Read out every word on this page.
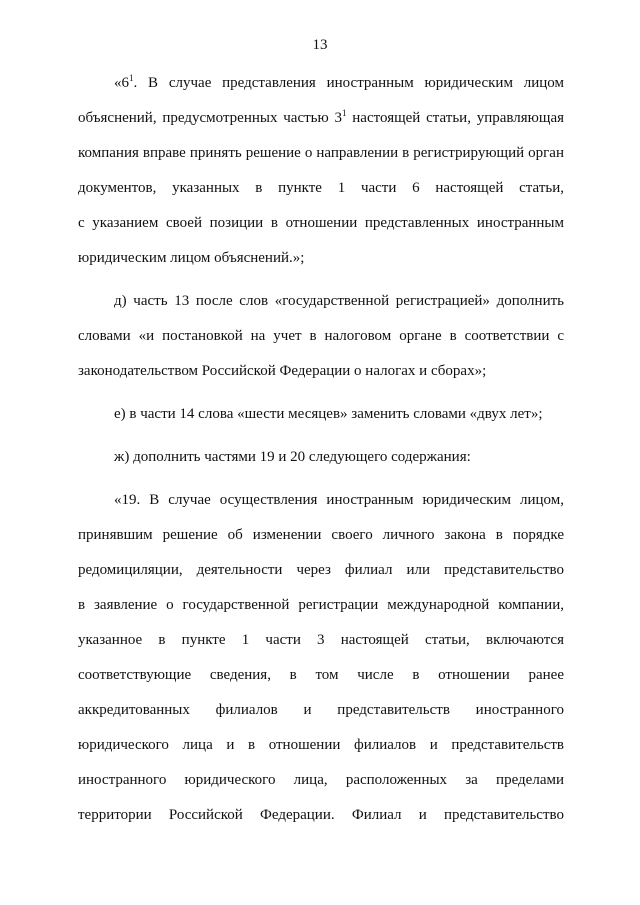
13
«$6^1$. В случае представления иностранным юридическим лицом
объяснений, предусмотренных частью $3^1$ настоящей статьи, управляющая
компания вправе принять решение о направлении в регистрирующий орган
документов, указанных в пункте 1 части 6 настоящей статьи,
с указанием своей позиции в отношении представленных иностранным
юридическим лицом объяснений.»;
д) часть 13 после слов «государственной регистрацией» дополнить
словами «и постановкой на учет в налоговом органе в соответствии с
законодательством Российской Федерации о налогах и сборах»;
е) в части 14 слова «шести месяцев» заменить словами «двух лет»;
ж) дополнить частями 19 и 20 следующего содержания:
«19. В случае осуществления иностранным юридическим лицом,
принявшим решение об изменении своего личного закона в порядке
редомициляции, деятельности через филиал или представительство
в заявление о государственной регистрации международной компании,
указанное в пункте 1 части 3 настоящей статьи, включаются
соответствующие сведения, в том числе в отношении ранее
аккредитованных филиалов и представительств иностранного
юридического лица и в отношении филиалов и представительств
иностранного юридического лица, расположенных за пределами
территории Российской Федерации. Филиал и представительство
